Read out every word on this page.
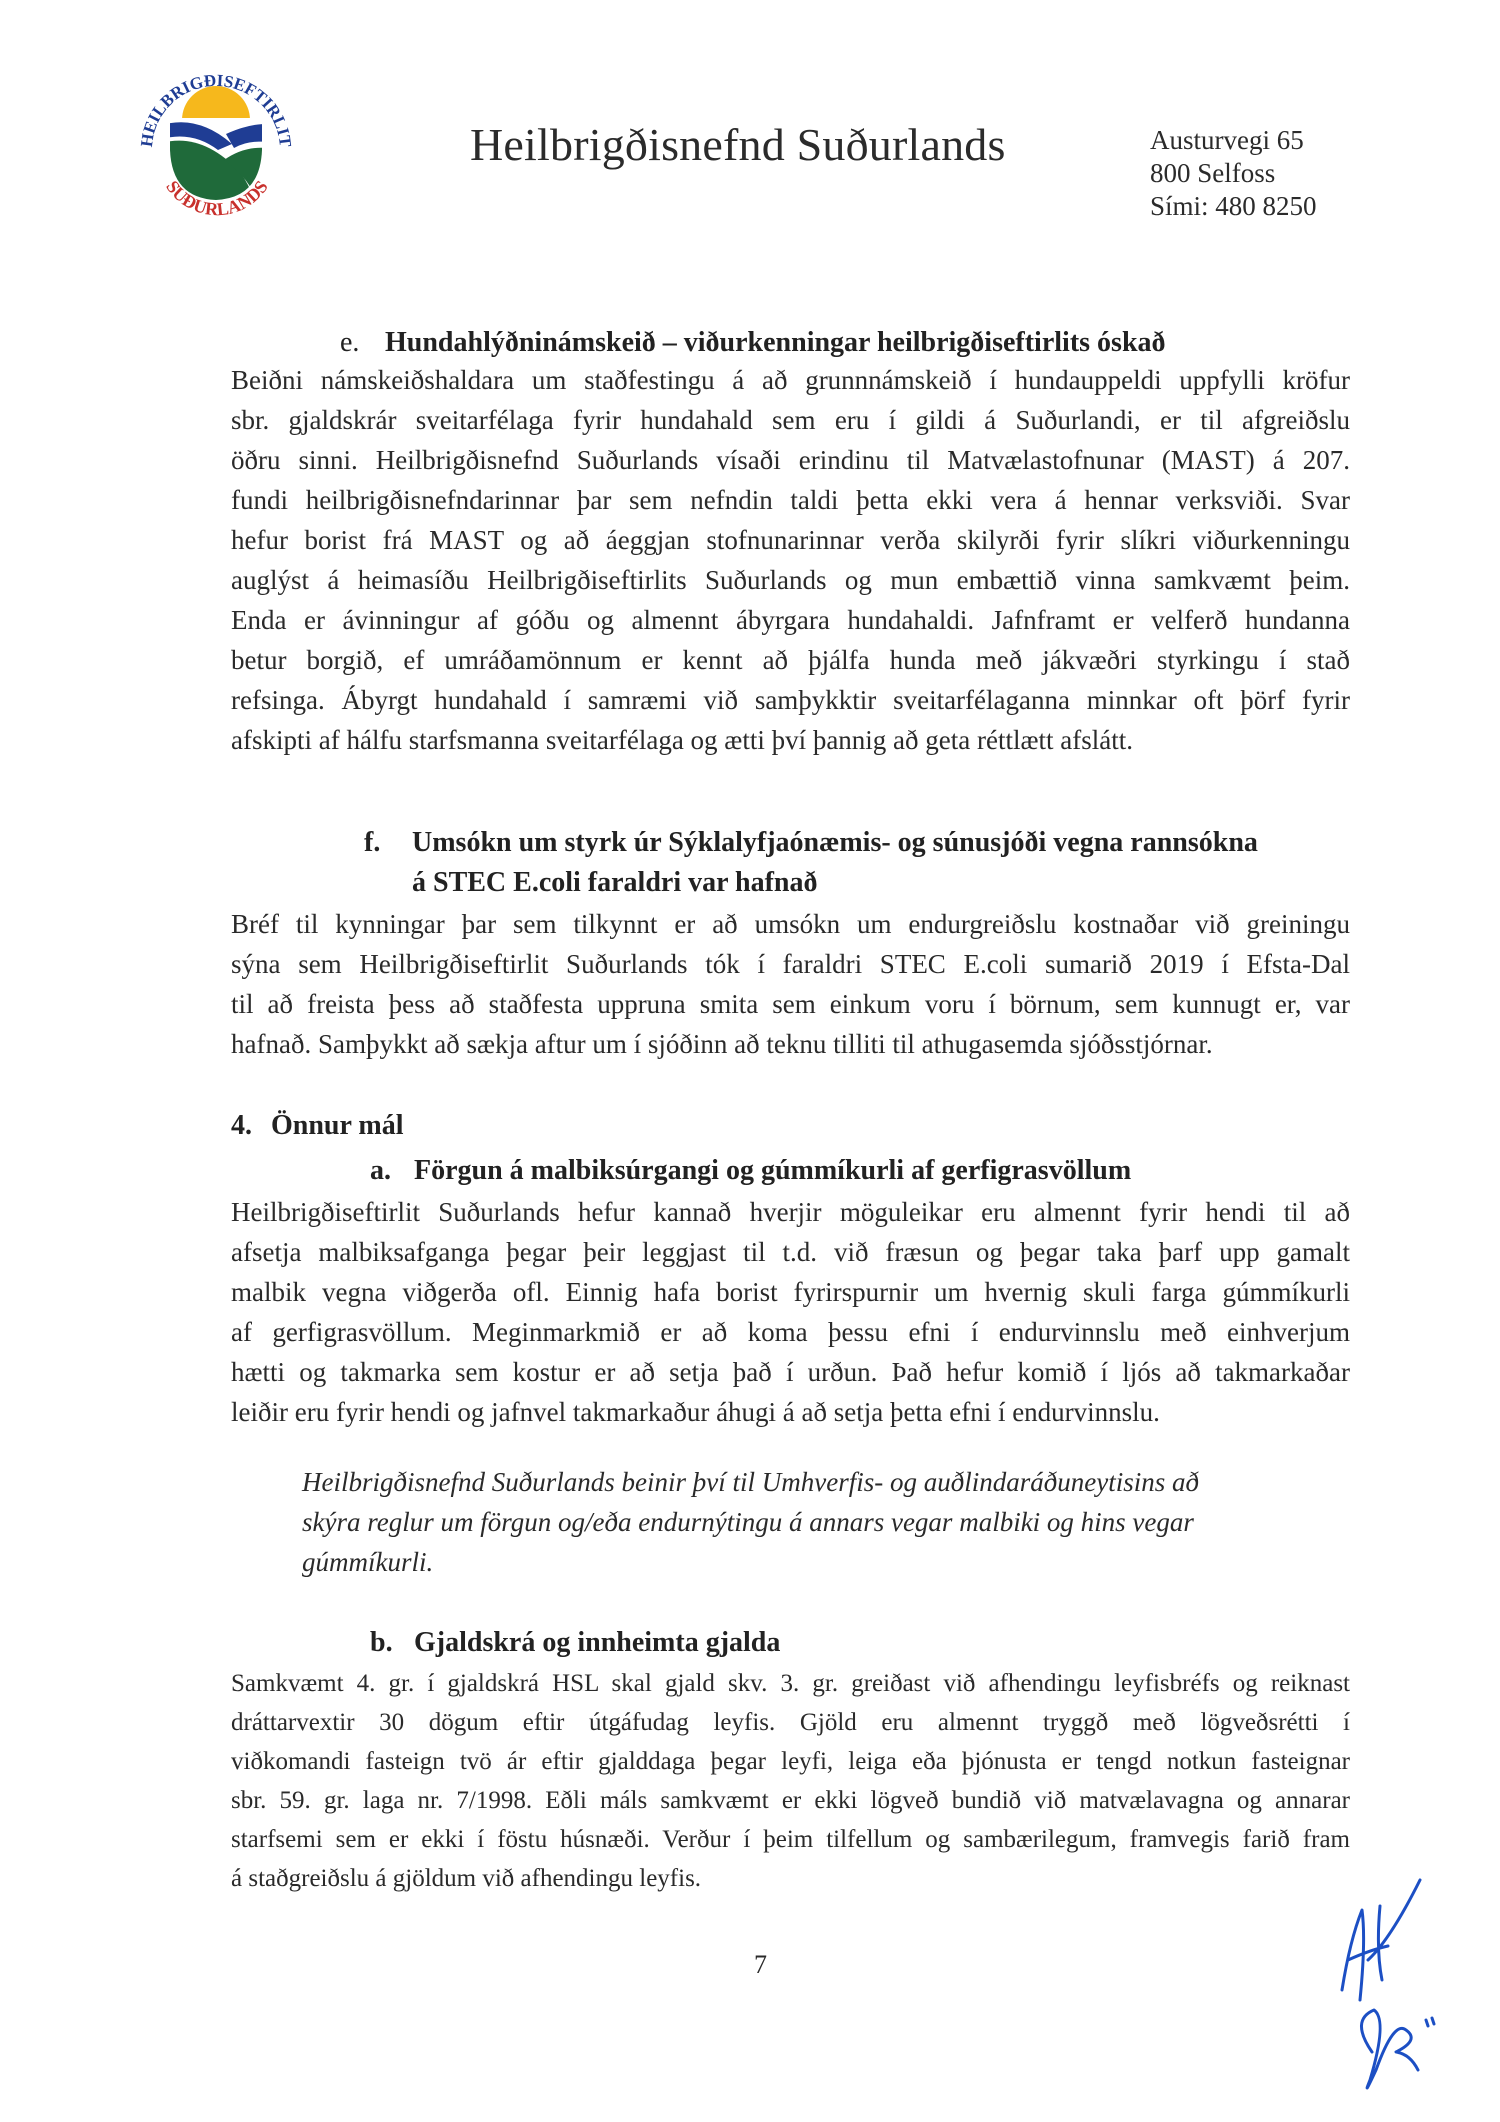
HEILBRIGÐISEFTIRLIT
SUÐURLANDS
Heilbrigðisnefnd Suðurlands	Austurvegi 65
800 Selfoss
Sími: 480 8250
e. Hundahlýðninámskeið – viðurkenningar heilbrigðiseftirlits óskað
Beiðni námskeiðshaldara um staðfestingu á að grunnnámskeið í hundauppeldi uppfylli kröfur
sbr. gjaldskrár sveitarfélaga fyrir hundahald sem eru í gildi á Suðurlandi, er til afgreiðslu
öðru sinni. Heilbrigðisnefnd Suðurlands vísaði erindinu til Matvælastofnunar (MAST) á 207.
fundi heilbrigðisnefndarinnar þar sem nefndin taldi þetta ekki vera á hennar verksviði. Svar
hefur borist frá MAST og að áeggjan stofnunarinnar verða skilyrði fyrir slíkri viðurkenningu
auglýst á heimasíðu Heilbrigðiseftirlits Suðurlands og mun embættið vinna samkvæmt þeim.
Enda er ávinningur af góðu og almennt ábyrgara hundahaldi. Jafnframt er velferð hundanna
betur borgið, ef umráðamönnum er kennt að þjálfa hunda með jákvæðri styrkingu í stað
refsinga. Ábyrgt hundahald í samræmi við samþykktir sveitarfélaganna minnkar oft þörf fyrir
afskipti af hálfu starfsmanna sveitarfélaga og ætti því þannig að geta réttlætt afslátt.
f. Umsókn um styrk úr Sýklalyfjaónæmis- og súnusjóði vegna rannsókna
á STEC E.coli faraldri var hafnað
Bréf til kynningar þar sem tilkynnt er að umsókn um endurgreiðslu kostnaðar við greiningu
sýna sem Heilbrigðiseftirlit Suðurlands tók í faraldri STEC E.coli sumarið 2019 í Efsta-Dal
til að freista þess að staðfesta uppruna smita sem einkum voru í börnum, sem kunnugt er, var
hafnað. Samþykkt að sækja aftur um í sjóðinn að teknu tilliti til athugasemda sjóðsstjórnar.
4. Önnur mál
a. Förgun á malbiksúrgangi og gúmmíkurli af gerfigrasvöllum
Heilbrigðiseftirlit Suðurlands hefur kannað hverjir möguleikar eru almennt fyrir hendi til að
afsetja malbiksafganga þegar þeir leggjast til t.d. við fræsun og þegar taka þarf upp gamalt
malbik vegna viðgerða ofl. Einnig hafa borist fyrirspurnir um hvernig skuli farga gúmmíkurli
af gerfigrasvöllum. Meginmarkmið er að koma þessu efni í endurvinnslu með einhverjum
hætti og takmarka sem kostur er að setja það í urðun. Það hefur komið í ljós að takmarkaðar
leiðir eru fyrir hendi og jafnvel takmarkaður áhugi á að setja þetta efni í endurvinnslu.
Heilbrigðisnefnd Suðurlands beinir því til Umhverfis- og auðlindaráðuneytisins að
skýra reglur um förgun og/eða endurnýtingu á annars vegar malbiki og hins vegar
gúmmíkurli.
b. Gjaldskrá og innheimta gjalda
Samkvæmt 4. gr. í gjaldskrá HSL skal gjald skv. 3. gr. greiðast við afhendingu leyfisbréfs og reiknast
dráttarvextir 30 dögum eftir útgáfudag leyfis. Gjöld eru almennt tryggð með lögveðsrétti í
viðkomandi fasteign tvö ár eftir gjalddaga þegar leyfi, leiga eða þjónusta er tengd notkun fasteignar
sbr. 59. gr. laga nr. 7/1998. Eðli máls samkvæmt er ekki lögveð bundið við matvælavagna og annarar
starfsemi sem er ekki í föstu húsnæði. Verður í þeim tilfellum og sambærilegum, framvegis farið fram
á staðgreiðslu á gjöldum við afhendingu leyfis.
7
